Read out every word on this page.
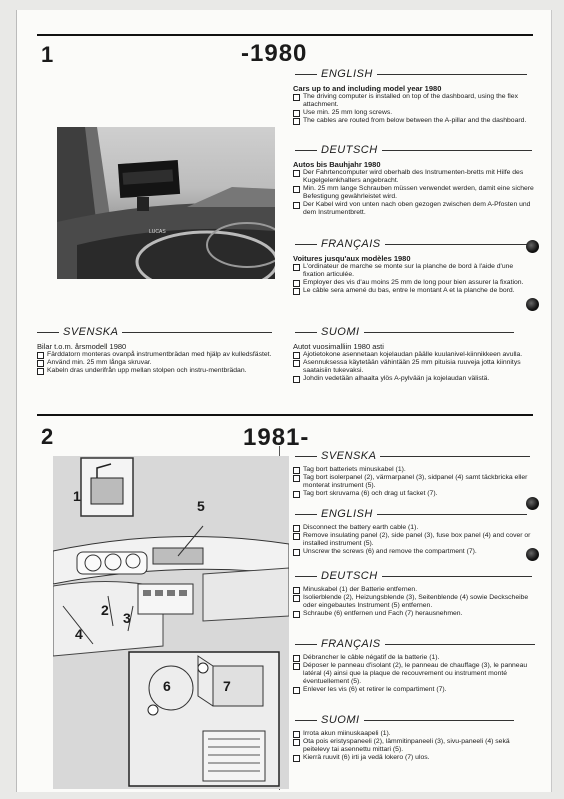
1	-1980
LUCAS
ENGLISH
Cars up to and including model year 1980
The driving computer is installed on top of the dashboard, using the flex attachment.
Use min. 25 mm long screws.
The cables are routed from below between the A-pillar and the dashboard.
DEUTSCH
Autos bis Bauhjahr 1980
Der Fahrtencomputer wird oberhalb des Instrumenten-bretts mit Hilfe des Kugelgelenkhalters angebracht.
Min. 25 mm lange Schrauben müssen verwendet werden, damit eine sichere Befestigung gewährleistet wird.
Der Kabel wird von unten nach oben gezogen zwischen dem A-Pfosten und dem Instrumentbrett.
FRANÇAIS
Voitures jusqu'aux modèles 1980
L'ordinateur de marche se monte sur la planche de bord à l'aide d'une fixation articulée.
Employer des vis d'au moins 25 mm de long pour bien assurer la fixation.
Le câble sera amené du bas, entre le montant A et la planche de bord.
SVENSKA
Bilar t.o.m. årsmodell 1980
Färddatorn monteras ovanpå instrumentbrädan med hjälp av kulledsfästet.
Använd min. 25 mm långa skruvar.
Kabeln dras underifrån upp mellan stolpen och instru-mentbrädan.
SUOMI
Autot vuosimalliin 1980 asti
Ajotietokone asennetaan kojelaudan päälle kuulanivel-kiinnikkeen avulla.
Asennuksessa käytetään vähintään 25 mm pituisia ruuveja jotta kiinnitys saataisiin tukevaksi.
Johdin vedetään alhaalta ylös A-pylvään ja kojelaudan välistä.
2	1981-
1
2 3
4
5
6	7
SVENSKA
Tag bort batteriets minuskabel (1).
Tag bort isolerpanel (2), värmarpanel (3), sidpanel (4) samt täckbricka eller monterat instrument (5).
Tag bort skruvarna (6) och drag ut facket (7).
ENGLISH
Disconnect the battery earth cable (1).
Remove insulating panel (2), side panel (3), fuse box panel (4) and cover or installed instrument (5).
Unscrew the screws (6) and remove the compartment (7).
DEUTSCH
Minuskabel (1) der Batterie entfernen.
Isolierblende (2), Heizungsblende (3), Seitenblende (4) sowie Deckscheibe oder eingebautes Instrument (5) entfernen.
Schraube (6) entfernen und Fach (7) herausnehmen.
FRANÇAIS
Débrancher le câble négatif de la batterie (1).
Déposer le panneau d'isolant (2), le panneau de chauffage (3), le panneau latéral (4) ainsi que la plaque de recouvrement ou instrument monté éventuellement (5).
Enlever les vis (6) et retirer le compartiment (7).
SUOMI
Irrota akun miinuskaapeli (1).
Ota pois eristyspaneeli (2), lämmitinpaneeli (3), sivu-paneeli (4) sekä peitelevy tai asennettu mittari (5).
Kierrä ruuvit (6) irti ja vedä lokero (7) ulos.
